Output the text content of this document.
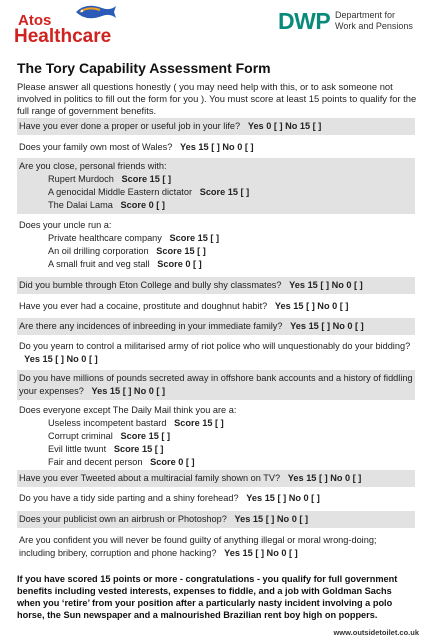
Atos
Healthcare
DWP Department for
Work and Pensions
The Tory Capability Assessment Form
Please answer all questions honestly ( you may need help with this, or to ask someone not involved in politics to fill out the form for you ). You must score at least 15 points to qualify for the full range of government benefits.
Have you ever done a proper or useful job in your life?   Yes 0 [ ] No 15 [ ]
Does your family own most of Wales?   Yes 15 [ ] No 0 [ ]
Are you close, personal friends with:
Rupert Murdoch   Score 15 [ ]
A genocidal Middle Eastern dictator   Score 15 [ ]
The Dalai Lama   Score 0 [ ]
Does your uncle run a:
Private healthcare company   Score 15 [ ]
An oil drilling corporation   Score 15 [ ]
A small fruit and veg stall   Score 0 [ ]
Did you bumble through Eton College and bully shy classmates?   Yes 15 [ ] No 0 [ ]
Have you ever had a cocaine, prostitute and doughnut habit?   Yes 15 [ ] No 0 [ ]
Are there any incidences of inbreeding in your immediate family?   Yes 15 [ ] No 0 [ ]
Do you yearn to control a militarised army of riot police who will unquestionably do your bidding?   Yes 15 [ ] No 0 [ ]
Do you have millions of pounds secreted away in offshore bank accounts and a history of fiddling your expenses?   Yes 15 [ ] No 0 [ ]
Does everyone except The Daily Mail think you are a:
Useless incompetent bastard   Score 15 [ ]
Corrupt criminal   Score 15 [ ]
Evil little twunt   Score 15 [ ]
Fair and decent person   Score 0 [ ]
Have you ever Tweeted about a multiracial family shown on TV?   Yes 15 [ ] No 0 [ ]
Do you have a tidy side parting and a shiny forehead?   Yes 15 [ ] No 0 [ ]
Does your publicist own an airbrush or Photoshop?   Yes 15 [ ] No 0 [ ]
Are you confident you will never be found guilty of anything illegal or moral wrong-doing; including bribery, corruption and phone hacking?   Yes 15 [ ] No 0 [ ]
If you have scored 15 points or more - congratulations - you qualify for full government benefits including vested interests, expenses to fiddle, and a job with Goldman Sachs when you ‘retire’ from your position after a particularly nasty incident involving a polo horse, the Sun newspaper and a malnourished Brazilian rent boy high on poppers.
www.outsidetoilet.co.uk
